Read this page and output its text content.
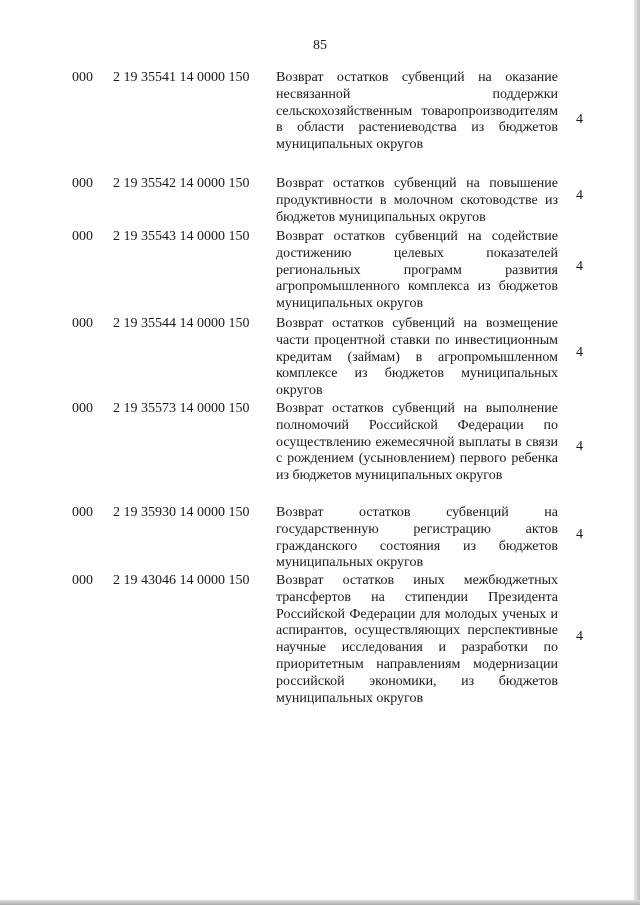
85
000 2 19 35541 14 0000 150 Возврат остатков субвенций на оказание несвязанной поддержки сельскохозяйственным товаропроизводителям в области растениеводства из бюджетов муниципальных округов
4
000 2 19 35542 14 0000 150 Возврат остатков субвенций на повышение продуктивности в молочном скотоводстве из бюджетов муниципальных округов
4
000 2 19 35543 14 0000 150 Возврат остатков субвенций на содействие достижению целевых показателей региональных программ развития агропромышленного комплекса из бюджетов муниципальных округов
4
000 2 19 35544 14 0000 150 Возврат остатков субвенций на возмещение части процентной ставки по инвестиционным кредитам (займам) в агропромышленном комплексе из бюджетов муниципальных округов
4
000 2 19 35573 14 0000 150 Возврат остатков субвенций на выполнение полномочий Российской Федерации по осуществлению ежемесячной выплаты в связи с рождением (усыновлением) первого ребенка из бюджетов муниципальных округов
4
000 2 19 35930 14 0000 150 Возврат остатков субвенций на государственную регистрацию актов гражданского состояния из бюджетов муниципальных округов
4
000 2 19 43046 14 0000 150 Возврат остатков иных межбюджетных трансфертов на стипендии Президента Российской Федерации для молодых ученых и аспирантов, осуществляющих перспективные научные исследования и разработки по приоритетным направлениям модернизации российской экономики, из бюджетов муниципальных округов
4
